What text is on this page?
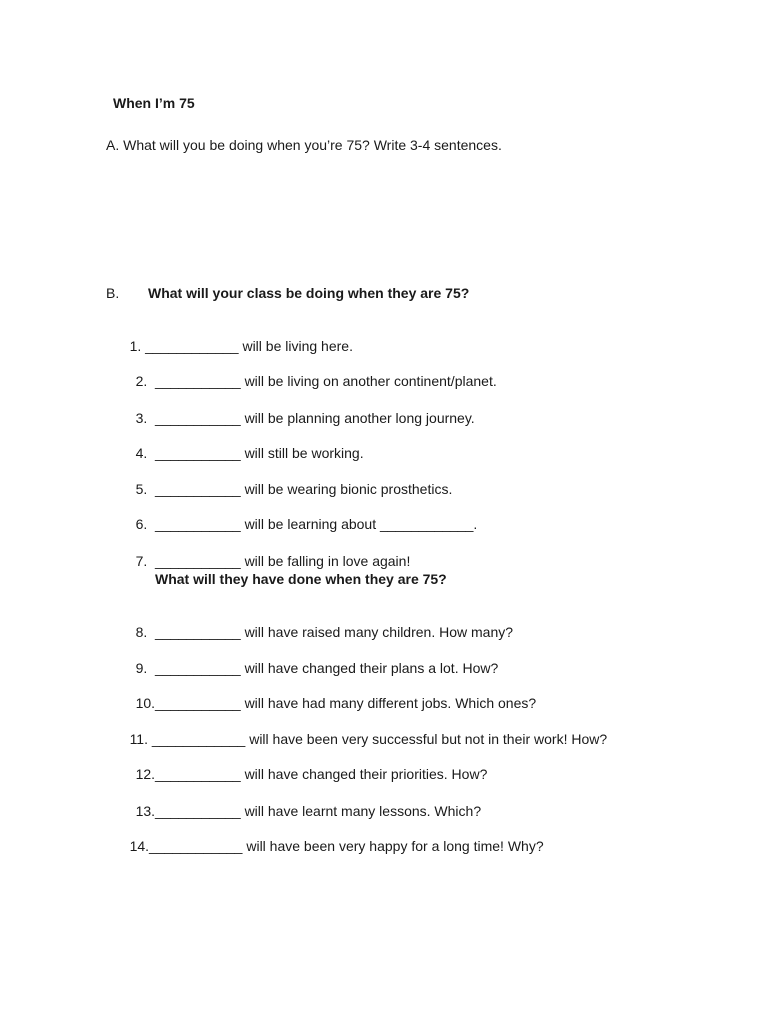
When I’m 75
A. What will you be doing when you’re 75? Write 3-4 sentences.
B. What will your class be doing when they are 75?

1. ____________ will be living here.

2. ___________ will be living on another continent/planet.

3. ___________ will be planning another long journey.

4. ___________ will still be working.

5. ___________ will be wearing bionic prosthetics.

6. ___________ will be learning about ____________.

7. ___________ will be falling in love again!

What will they have done when they are 75?

8. ___________ will have raised many children. How many?

9. ___________ will have changed their plans a lot. How?

10.___________ will have had many different jobs. Which ones?

11. ____________ will have been very successful but not in their work! How?

12.___________ will have changed their priorities. How?

13.___________ will have learnt many lessons. Which?

14.____________ will have been very happy for a long time! Why?
